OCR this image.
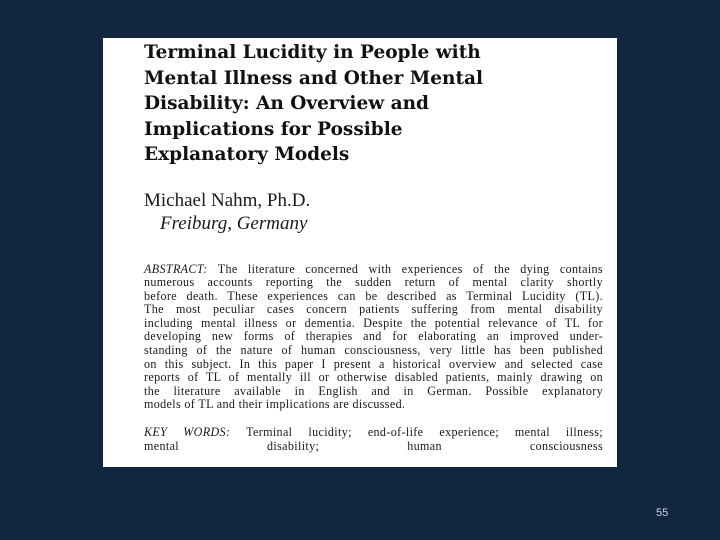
Terminal Lucidity in People with
Mental Illness and Other Mental
Disability: An Overview and
Implications for Possible
Explanatory Models
Michael Nahm, Ph.D.
Freiburg, Germany
ABSTRACT: The literature concerned with experiences of the dying contains
numerous accounts reporting the sudden return of mental clarity shortly
before death. These experiences can be described as Terminal Lucidity (TL).
The most peculiar cases concern patients suffering from mental disability
including mental illness or dementia. Despite the potential relevance of TL for
developing new forms of therapies and for elaborating an improved under-
standing of the nature of human consciousness, very little has been published
on this subject. In this paper I present a historical overview and selected case
reports of TL of mentally ill or otherwise disabled patients, mainly drawing on
the literature available in English and in German. Possible explanatory
models of TL and their implications are discussed.
KEY WORDS: Terminal lucidity; end-of-life experience; mental illness;
mental disability; human consciousness
55
